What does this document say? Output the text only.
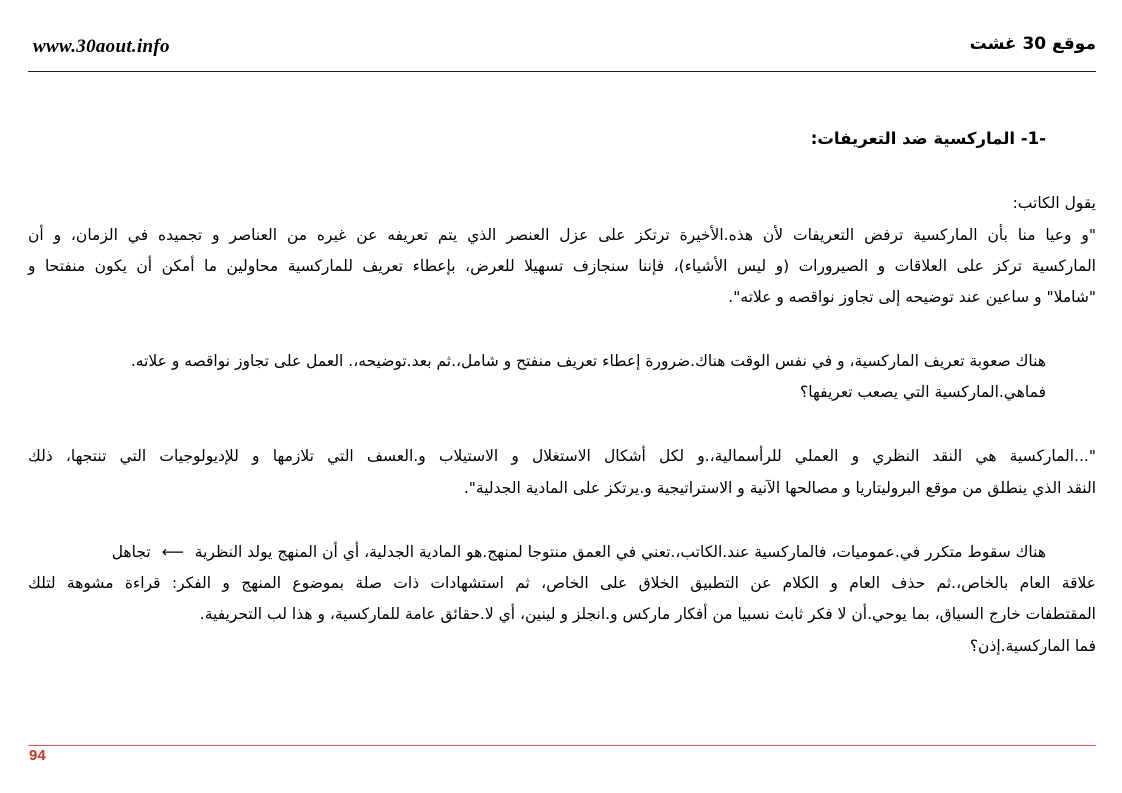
www.30aout.info	موقع 30 غشت
-1- الماركسية ضد التعريفات:
يقول الكاتب:
"و وعيا منا بأن الماركسية ترفض التعريفات لأن هذه.الأخيرة ترتكز على عزل العنصر الذي يتم تعريفه عن غيره من العناصر و تجميده في الزمان، و أن
الماركسية تركز على العلاقات و الصيرورات (و ليس الأشياء)، فإننا سنجازف تسهيلا للعرض، بإعطاء تعريف للماركسية محاولين ما أمكن أن يكون منفتحا و
"شاملا" و ساعين عند توضيحه إلى تجاوز نواقصه و علاته".
هناك صعوبة تعريف الماركسية، و في نفس الوقت هناك.ضرورة إعطاء تعريف منفتح و شامل،.ثم بعد.توضيحه،. العمل على تجاوز نواقصه و علاته.
فماهي.الماركسية التي يصعب تعريفها؟
"...الماركسية هي النقد النظري و العملي للرأسمالية،.و لكل أشكال الاستغلال و الاستيلاب و.العسف التي تلازمها و للإديولوجيات التي تنتجها، ذلك
النقد الذي ينطلق من موقع البروليتاريا و مصالحها الآنية و الاستراتيجية و.يرتكز على المادية الجدلية".
هناك سقوط متكرر في.عموميات، فالماركسية عند.الكاتب،.تعني في العمق منتوجا لمنهج.هو المادية الجدلية، أي أن المنهج يولد النظرية ⟵ تجاهل
علاقة العام بالخاص،.ثم حذف العام و الكلام عن التطبيق الخلاق على الخاص، ثم استشهادات ذات صلة بموضوع المنهج و الفكر: قراءة مشوهة لتلك
المقتطفات خارج السياق، بما يوحي.أن لا فكر ثابث نسبيا من أفكار ماركس و.انجلز و لينين، أي لا.حقائق عامة للماركسية، و هذا لب التحريفية.
فما الماركسية.إذن؟
94
